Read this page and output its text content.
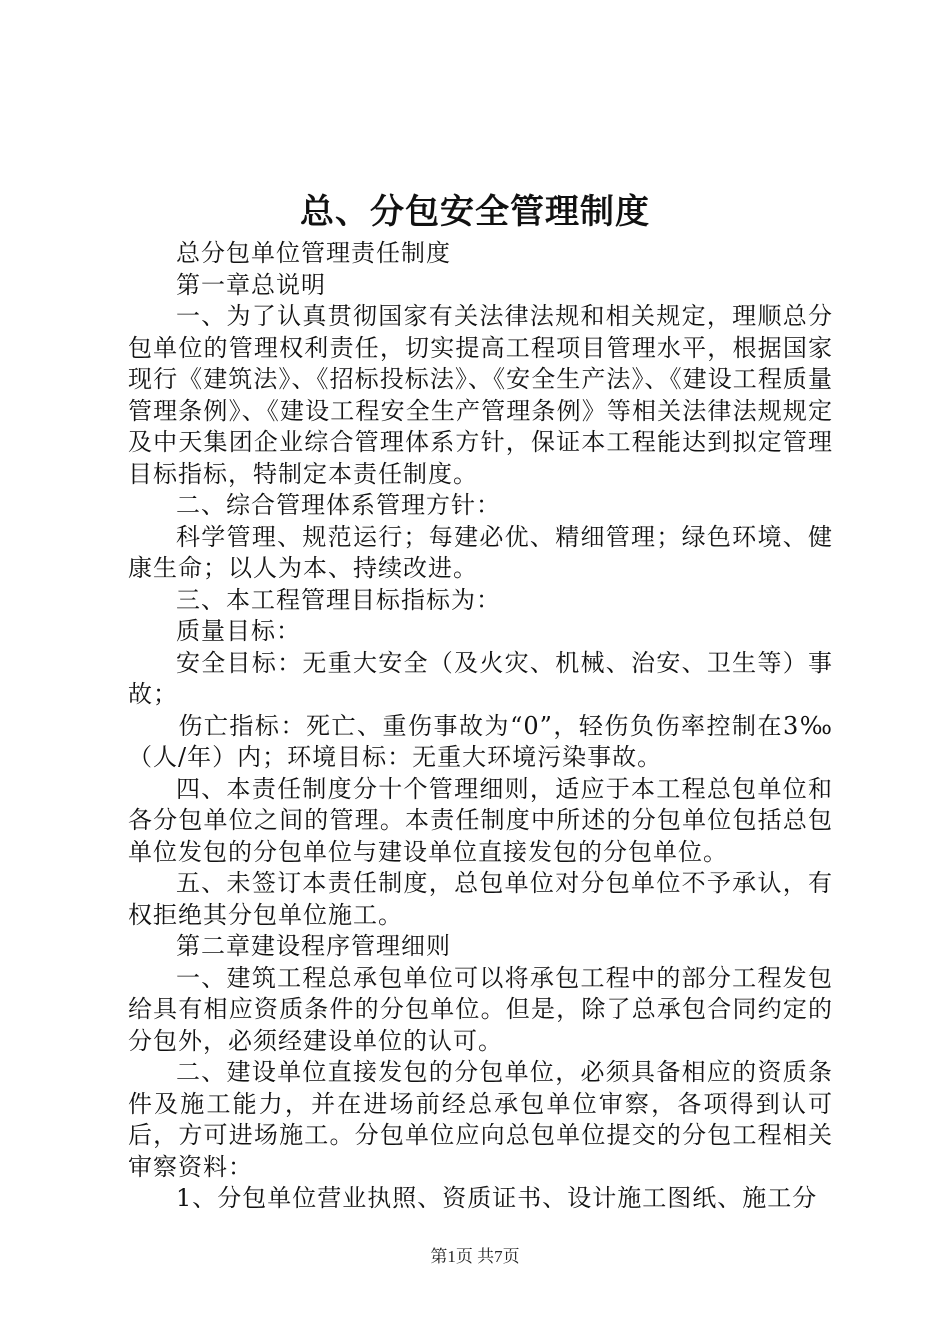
总、分包安全管理制度

总分包单位管理责任制度

第一章总说明

一、为了认真贯彻国家有关法律法规和相关规定，理顺总分包单位的管理权利责任，切实提高工程项目管理水平，根据国家现行《建筑法》、《招标投标法》、《安全生产法》、《建设工程质量管理条例》、《建设工程安全生产管理条例》等相关法律法规规定及中天集团企业综合管理体系方针，保证本工程能达到拟定管理目标指标，特制定本责任制度。

二、综合管理体系管理方针：

科学管理、规范运行；每建必优、精细管理；绿色环境、健康生命；以人为本、持续改进。

三、本工程管理目标指标为：

质量目标：

安全目标：无重大安全（及火灾、机械、治安、卫生等）事故；

伤亡指标：死亡、重伤事故为“0”，轻伤负伤率控制在3‰（人/年）内；环境目标：无重大环境污染事故。

四、本责任制度分十个管理细则，适应于本工程总包单位和各分包单位之间的管理。本责任制度中所述的分包单位包括总包单位发包的分包单位与建设单位直接发包的分包单位。

五、未签订本责任制度，总包单位对分包单位不予承认，有权拒绝其分包单位施工。

第二章建设程序管理细则

一、建筑工程总承包单位可以将承包工程中的部分工程发包给具有相应资质条件的分包单位。但是，除了总承包合同约定的分包外，必须经建设单位的认可。

二、建设单位直接发包的分包单位，必须具备相应的资质条件及施工能力，并在进场前经总承包单位审察，各项得到认可后，方可进场施工。分包单位应向总包单位提交的分包工程相关审察资料：

1、分包单位营业执照、资质证书、设计施工图纸、施工分

第1页 共7页
